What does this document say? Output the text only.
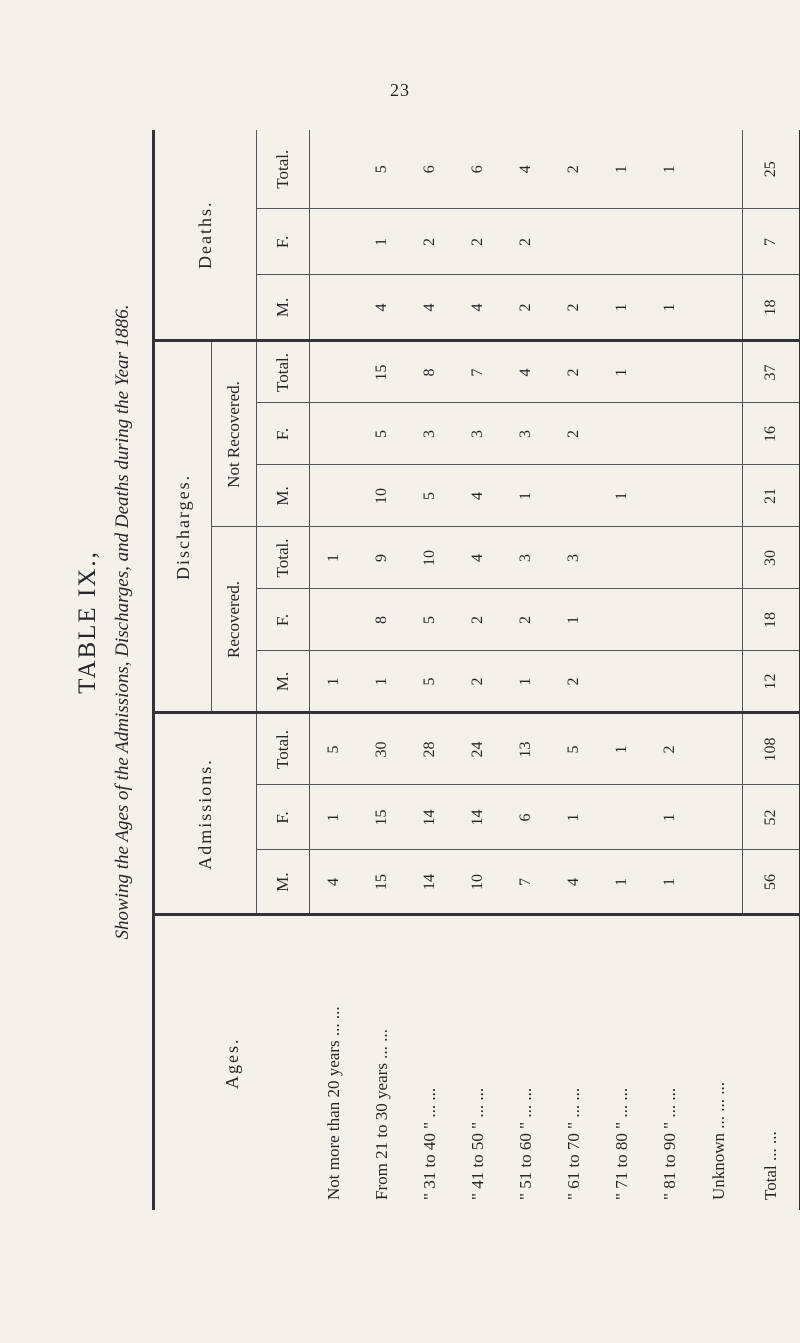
23
TABLE IX., Showing the Ages of the Admissions, Discharges, and Deaths during the Year 1886.
Ages.	Admissions.			Discharges.						Deaths.		
				Recovered.			Not Recovered.					
	M.	F.	Total.	M.	F.	Total.	M.	F.	Total.	M.	F.	Total.
Not more than 20 years ... ...	4	1	5	1		1						
From 21 to 30 years ... ...	15	15	30	1	8	9	10	5	15	4	1	5
" 31 to 40 " ... ...	14	14	28	5	5	10	5	3	8	4	2	6
" 41 to 50 " ... ...	10	14	24	2	2	4	4	3	7	4	2	6
" 51 to 60 " ... ...	7	6	13	1	2	3	1	3	4	2	2	4
" 61 to 70 " ... ...	4	1	5	2	1	3		2	2	2		2
" 71 to 80 " ... ...	1		1				1		1	1		1
" 81 to 90 " ... ...	1	1	2							1		1
Unknown ... ... ...												
Total ... ...	56	52	108	12	18	30	21	16	37	18	7	25
